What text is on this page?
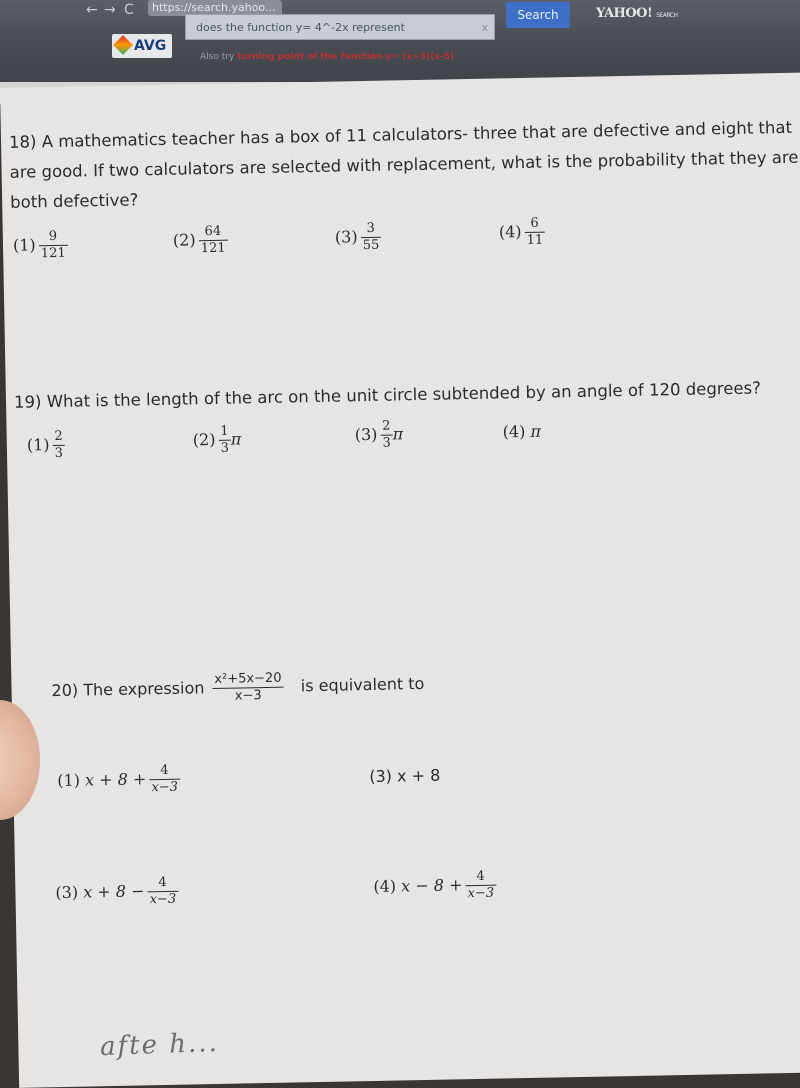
← → C	https://search.yahoo...
AVG
does the function y= 4^-2x represent	x
Search	YAHOO! SEARCH
Also try turning point of the function y= (x+3)(x-5)
18) A mathematics teacher has a box of 11 calculators- three that are defective and eight that are good. If two calculators are selected with replacement, what is the probability that they are both defective?
$(1) \frac{9}{121}$	$(2) \frac{64}{121}$	$(3) \frac{3}{55}$	$(4) \frac{6}{11}$
19) What is the length of the arc on the unit circle subtended by an angle of 120 degrees?
$(1) \frac{2}{3}$	$(2) \frac{1}{3}$ π	$(3) \frac{2}{3}$ π	(4) π
20) The expression $\frac{\text{x²+5x−20}}{x-3}$ is equivalent to
(1) $x + 8 + \frac{4}{x-3}$	(3) x + 8
(3) $x + 8 - \frac{4}{x-3}$	(4) $x - 8 + \frac{4}{x-3}$
afte h...
